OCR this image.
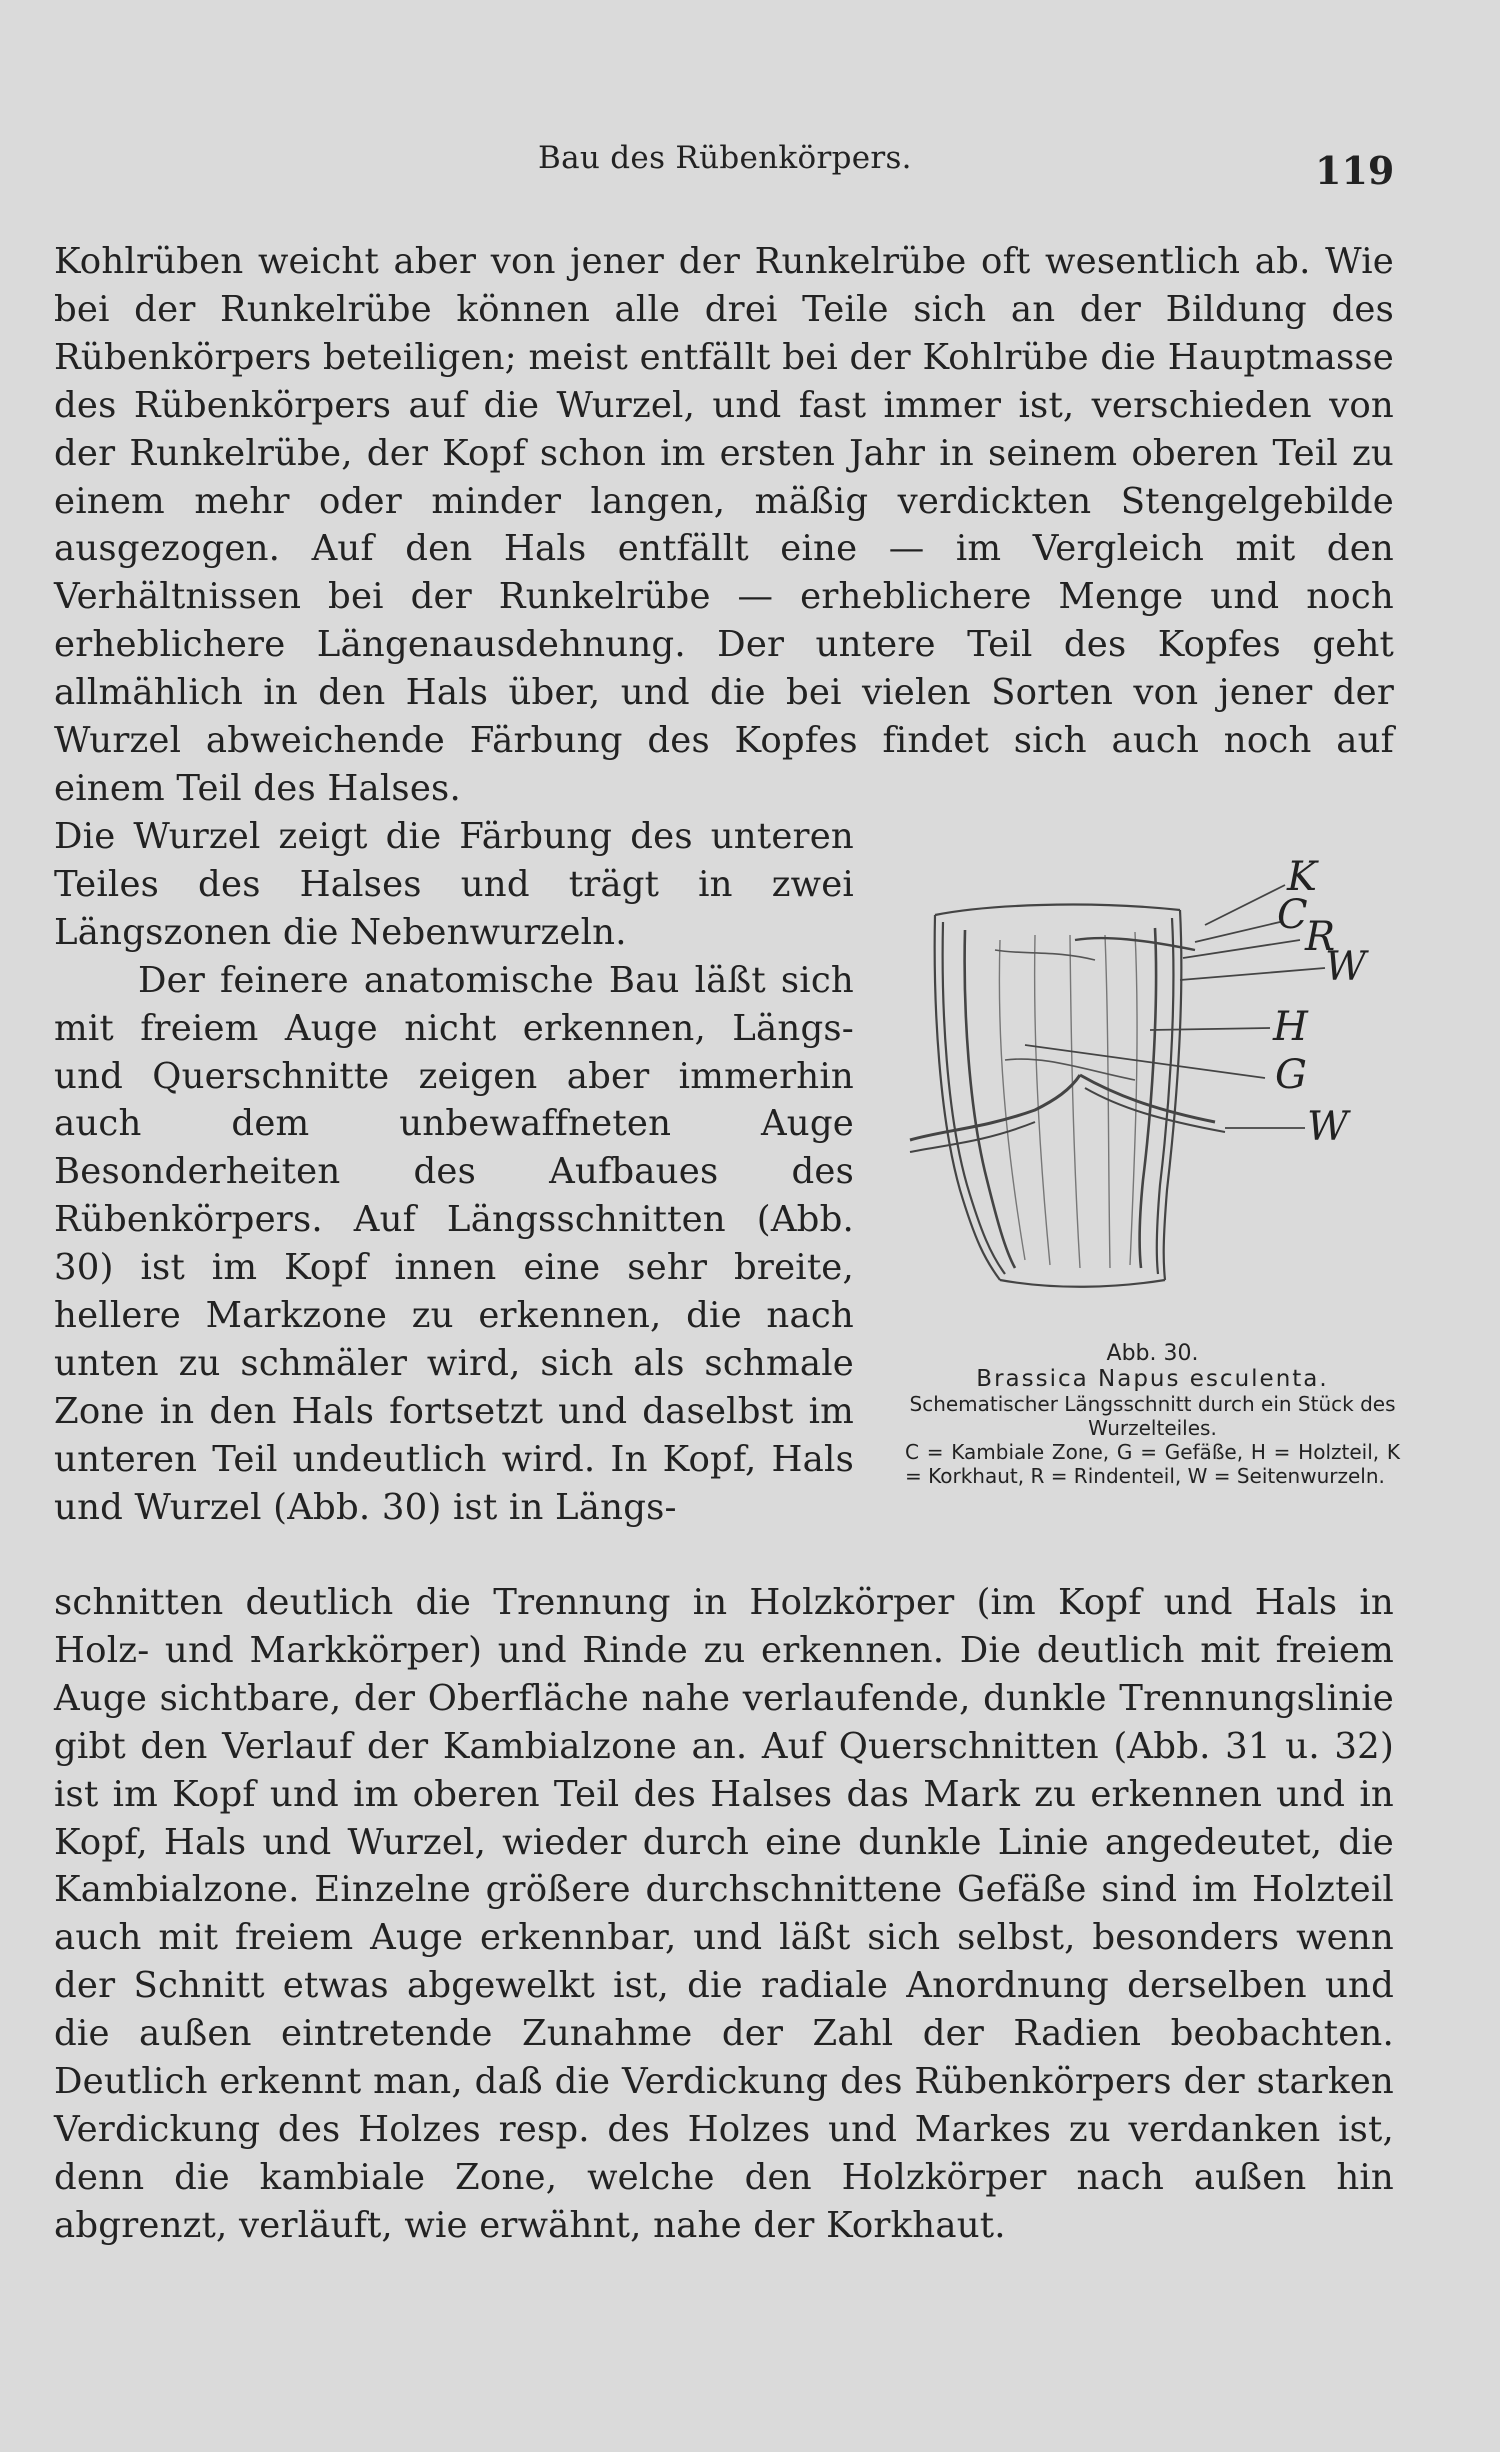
Bau des Rübenkörpers.	119
Kohlrüben weicht aber von jener der Runkelrübe oft wesentlich ab. Wie bei der Runkelrübe können alle drei Teile sich an der Bildung des Rübenkörpers beteiligen; meist entfällt bei der Kohlrübe die Hauptmasse des Rübenkörpers auf die Wurzel, und fast immer ist, verschieden von der Runkelrübe, der Kopf schon im ersten Jahr in seinem oberen Teil zu einem mehr oder minder langen, mäßig verdickten Stengelgebilde ausgezogen. Auf den Hals entfällt eine — im Vergleich mit den Verhältnissen bei der Runkelrübe — erheblichere Menge und noch erheblichere Längenausdehnung. Der untere Teil des Kopfes geht allmählich in den Hals über, und die bei vielen Sorten von jener der Wurzel abweichende Färbung des Kopfes findet sich auch noch auf einem Teil des Halses.
Die Wurzel zeigt die Färbung des unteren Teiles des Halses und trägt in zwei Längszonen die Nebenwurzeln.
Der feinere anatomische Bau läßt sich mit freiem Auge nicht erkennen, Längs- und Querschnitte zeigen aber immerhin auch dem unbewaffneten Auge Besonderheiten des Aufbaues des Rübenkörpers. Auf Längsschnitten (Abb. 30) ist im Kopf innen eine sehr breite, hellere Markzone zu erkennen, die nach unten zu schmäler wird, sich als schmale Zone in den Hals fortsetzt und daselbst im unteren Teil undeutlich wird. In Kopf, Hals und Wurzel (Abb. 30) ist in Längs-
K
C
R
W
H
G
W
Abb. 30.
Brassica Napus esculenta.
Schematischer Längsschnitt durch ein Stück des Wurzelteiles.
C = Kambiale Zone, G = Gefäße, H = Holzteil, K = Korkhaut, R = Rindenteil, W = Seitenwurzeln.
schnitten deutlich die Trennung in Holzkörper (im Kopf und Hals in Holz- und Markkörper) und Rinde zu erkennen. Die deutlich mit freiem Auge sichtbare, der Oberfläche nahe verlaufende, dunkle Trennungslinie gibt den Verlauf der Kambialzone an. Auf Querschnitten (Abb. 31 u. 32) ist im Kopf und im oberen Teil des Halses das Mark zu erkennen und in Kopf, Hals und Wurzel, wieder durch eine dunkle Linie angedeutet, die Kambialzone. Einzelne größere durchschnittene Gefäße sind im Holzteil auch mit freiem Auge erkennbar, und läßt sich selbst, besonders wenn der Schnitt etwas abgewelkt ist, die radiale Anordnung derselben und die außen eintretende Zunahme der Zahl der Radien beobachten. Deutlich erkennt man, daß die Verdickung des Rübenkörpers der starken Verdickung des Holzes resp. des Holzes und Markes zu verdanken ist, denn die kambiale Zone, welche den Holzkörper nach außen hin abgrenzt, verläuft, wie erwähnt, nahe der Korkhaut.
